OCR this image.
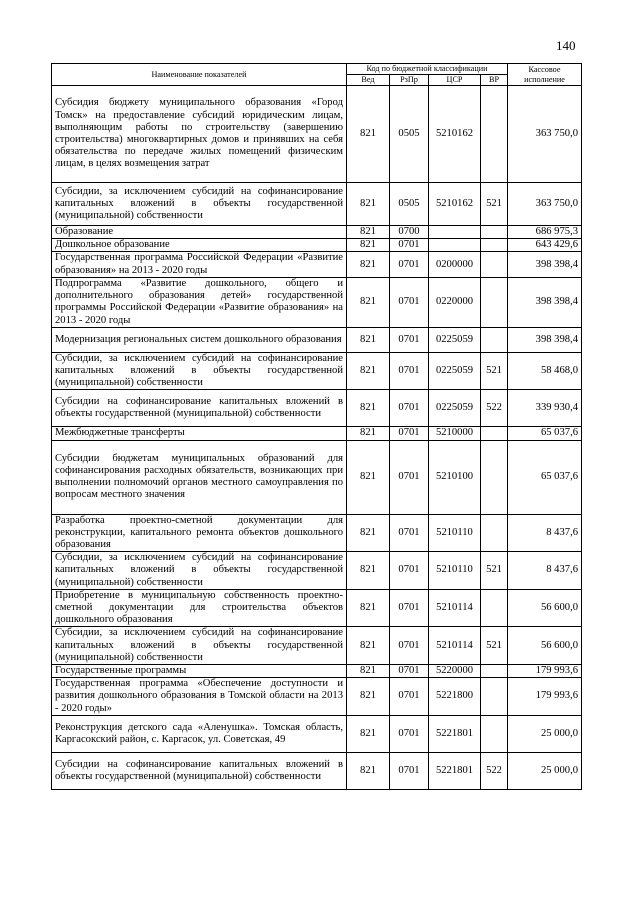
140
Наименование показателей	Код по бюджетной классификации				Кассовое исполнение
	Вед	РзПр	ЦСР	ВР	
Субсидия бюджету муниципального образования «Город Томск» на предоставление субсидий юридическим лицам, выполняющим работы по строительству (завершению строительства) многоквартирных домов и принявших на себя обязательства по передаче жилых помещений физическим лицам, в целях возмещения затрат	821	0505	5210162		363 750,0
Субсидии, за исключением субсидий на софинансирование капитальных вложений в объекты государственной (муниципальной) собственности	821	0505	5210162	521	363 750,0
Образование	821	0700			686 975,3
Дошкольное образование	821	0701			643 429,6
Государственная программа Российской Федерации «Развитие образования» на 2013 - 2020 годы	821	0701	0200000		398 398,4
Подпрограмма «Развитие дошкольного, общего и дополнительного образования детей» государственной программы Российской Федерации «Развитие образования» на 2013 - 2020 годы	821	0701	0220000		398 398,4
Модернизация региональных систем дошкольного образования	821	0701	0225059		398 398,4
Субсидии, за исключением субсидий на софинансирование капитальных вложений в объекты государственной (муниципальной) собственности	821	0701	0225059	521	58 468,0
Субсидии на софинансирование капитальных вложений в объекты государственной (муниципальной) собственности	821	0701	0225059	522	339 930,4
Межбюджетные трансферты	821	0701	5210000		65 037,6
Субсидии бюджетам муниципальных образований для софинансирования расходных обязательств, возникающих при выполнении полномочий органов местного самоуправления по вопросам местного значения	821	0701	5210100		65 037,6
Разработка проектно-сметной документации для реконструкции, капитального ремонта объектов дошкольного образования	821	0701	5210110		8 437,6
Субсидии, за исключением субсидий на софинансирование капитальных вложений в объекты государственной (муниципальной) собственности	821	0701	5210110	521	8 437,6
Приобретение в муниципальную собственность проектно-сметной документации для строительства объектов дошкольного образования	821	0701	5210114		56 600,0
Субсидии, за исключением субсидий на софинансирование капитальных вложений в объекты государственной (муниципальной) собственности	821	0701	5210114	521	56 600,0
Государственные программы	821	0701	5220000		179 993,6
Государственная программа «Обеспечение доступности и развития дошкольного образования в Томской области на 2013 - 2020 годы»	821	0701	5221800		179 993,6
Реконструкция детского сада «Аленушка». Томская область, Каргасокский район, с. Каргасок, ул. Советская, 49	821	0701	5221801		25 000,0
Субсидии на софинансирование капитальных вложений в объекты государственной (муниципальной) собственности	821	0701	5221801	522	25 000,0
